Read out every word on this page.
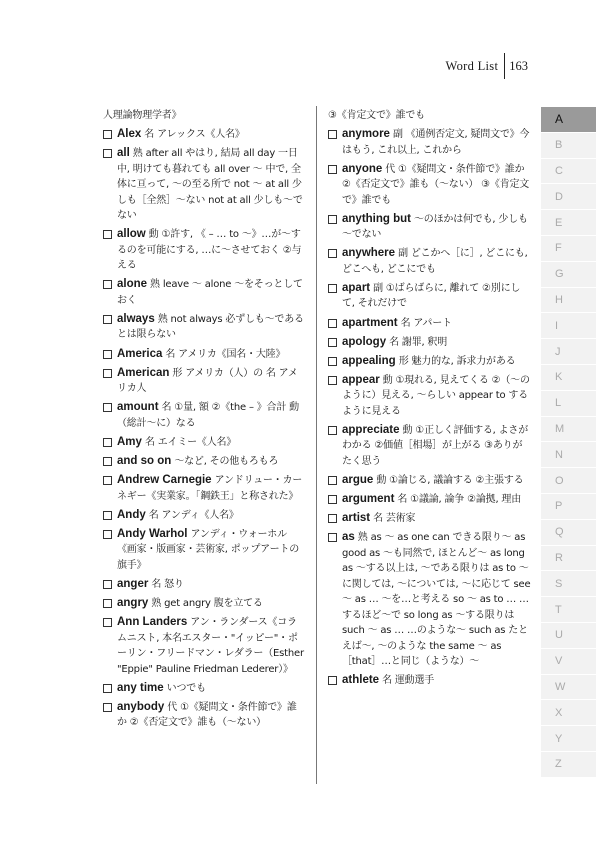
Word List 163
人理論物理学者》
Alex 名 アレックス《人名》
all 熟 after all やはり, 結局 all day 一日中, 明けても暮れても all over ～ 中で, 全体に亘って, ～の至る所で not ～ at all 少しも［全然］～ない not at all 少しも～でない
allow 動 ①許す, 《 – … to ～》…が～するのを可能にする, …に～させておく ②与える
alone 熟 leave ～ alone ～をそっとしておく
always 熟 not always 必ずしも～であるとは限らない
America 名 アメリカ《国名・大陸》
American 形 アメリカ（人）の 名 アメリカ人
amount 名 ①量, 額 ②《the – 》合計 動（総計～に）なる
Amy 名 エイミー《人名》
and so on ～など, その他もろもろ
Andrew Carnegie アンドリュー・カーネギー《実業家。「鋼鉄王」と称された》
Andy 名 アンディ《人名》
Andy Warhol アンディ・ウォーホル《画家・版画家・芸術家, ポップアートの旗手》
anger 名 怒り
angry 熟 get angry 腹を立てる
Ann Landers アン・ランダース《コラムニスト, 本名エスター・"イッピー"・ポーリン・フリードマン・レダラー（Esther "Eppie" Pauline Friedman Lederer）》
any time いつでも
anybody 代 ①《疑問文・条件節で》誰か ②《否定文で》誰も（～ない）
③《肯定文で》誰でも
anymore 副 《通例否定文, 疑問文で》今はもう, これ以上, これから
anyone 代 ①《疑問文・条件節で》誰か ②《否定文で》誰も（～ない） ③《肯定文で》誰でも
anything but ～のほかは何でも, 少しも～でない
anywhere 副 どこかへ［に］, どこにも, どこへも, どこにでも
apart 副 ①ばらばらに, 離れて ②別にして, それだけで
apartment 名 アパート
apology 名 謝罪, 釈明
appealing 形 魅力的な, 訴求力がある
appear 動 ①現れる, 見えてくる ②（～のように）見える, ～らしい appear to するように見える
appreciate 動 ①正しく評価する, よさがわかる ②価値［相場］が上がる ③ありがたく思う
argue 動 ①論じる, 議論する ②主張する
argument 名 ①議論, 論争 ②論拠, 理由
artist 名 芸術家
as 熟 as ～ as one can できる限り～ as good as ～も同然で, ほとんど～ as long as ～する以上は, ～である限りは as to ～に関しては, ～については, ～に応じて see ～ as … ～を…と考える so ～ as to … …するほど～で so long as ～する限りは such ～ as … …のような～ such as たとえば～, ～のような the same ～ as［that］…と同じ（ような）～
athlete 名 運動選手
A
B
C
D
E
F
G
H
I
J
K
L
M
N
O
P
Q
R
S
T
U
V
W
X
Y
Z
